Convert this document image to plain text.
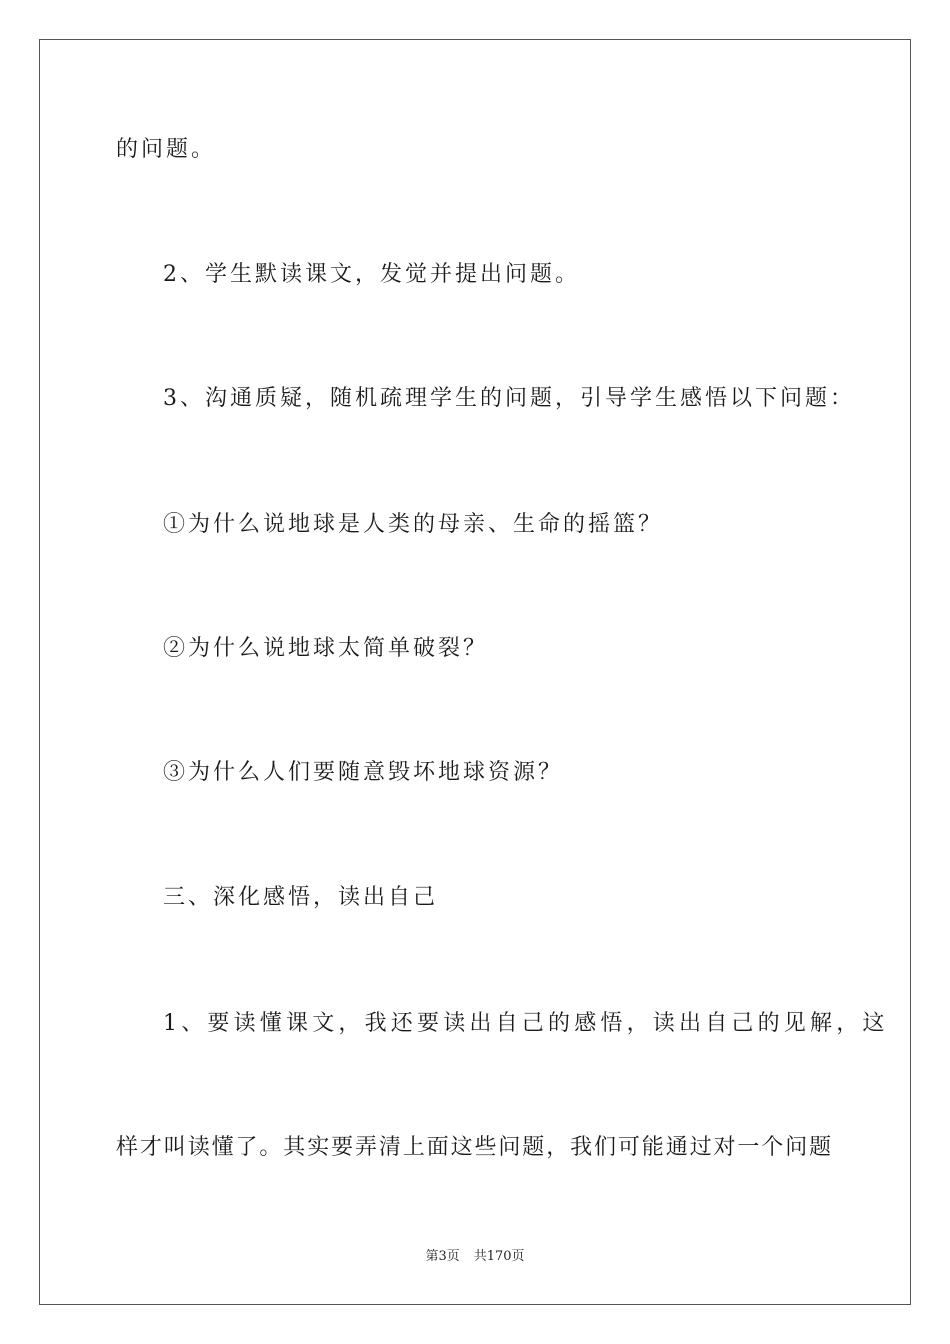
的问题。
2、学生默读课文，发觉并提出问题。
3、沟通质疑，随机疏理学生的问题，引导学生感悟以下问题：
①为什么说地球是人类的母亲、生命的摇篮？
②为什么说地球太简单破裂？
③为什么人们要随意毁坏地球资源？
三、深化感悟，读出自己
1、要读懂课文，我还要读出自己的感悟，读出自己的见解，这
样才叫读懂了。其实要弄清上面这些问题，我们可能通过对一个问题
第3页 共170页
